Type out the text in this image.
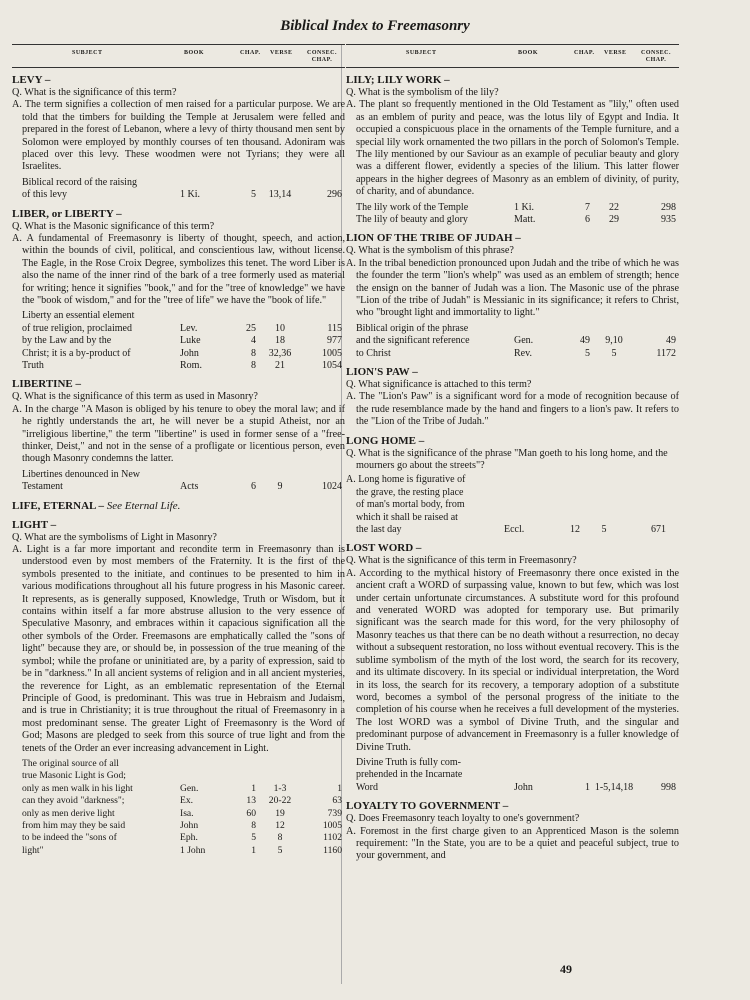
Biblical Index to Freemasonry
SUBJECT	BOOK	CHAP. VERSE	CONSEC. CHAP.
LEVY –
Q. What is the significance of this term?
A. The term signifies a collection of men raised for a particular purpose. We are told that the timbers for building the Temple at Jerusalem were felled and prepared in the forest of Lebanon, where a levy of thirty thousand men sent by Solomon were employed by monthly courses of ten thousand. Adoniram was placed over this levy. These woodmen were not Tyrians; they were all Israelites.
Biblical record of the raising
of this levy	1 Ki.	5	13,14	296
LIBER, or LIBERTY –
Q. What is the Masonic significance of this term?
A. A fundamental of Freemasonry is liberty of thought, speech, and action, within the bounds of civil, political, and conscientious law, without license. The Eagle, in the Rose Croix Degree, symbolizes this tenet. The word Liber is also the name of the inner rind of the bark of a tree formerly used as material for writing; hence it signifies "book," and for the "tree of knowledge" we have the "book of wisdom," and for the "tree of life" we have the "book of life."
Liberty an essential element
of true religion, proclaimed	Lev.	25	10	115
by the Law and by the	Luke	4	18	977
Christ; it is a by-product of	John	8	32,36	1005
Truth	Rom.	8	21	1054
LIBERTINE –
Q. What is the significance of this term as used in Masonry?
A. In the charge "A Mason is obliged by his tenure to obey the moral law; and if he rightly understands the art, he will never be a stupid Atheist, nor an "irreligious libertine," the term "libertine" is used in former sense of a "free-thinker, Deist," and not in the sense of a profligate or licentious person, even though Masonry condemns the latter.
Libertines denounced in New
Testament	Acts	6	9	1024
LIFE, ETERNAL – See Eternal Life.
LIGHT –
Q. What are the symbolisms of Light in Masonry?
A. Light is a far more important and recondite term in Freemasonry than is understood even by most members of the Fraternity. It is the first of the symbols presented to the initiate, and continues to be presented to him in various modifications throughout all his future progress in his Masonic career. It represents, as is generally supposed, Knowledge, Truth or Wisdom, but it contains within itself a far more abstruse allusion to the very essence of Speculative Masonry, and embraces within it capacious signification all the other symbols of the Order. Freemasons are emphatically called the "sons of light" because they are, or should be, in possession of the true meaning of the symbol; while the profane or uninitiated are, by a parity of expression, said to be in "darkness." In all ancient systems of religion and in all ancient mysteries, the reverence for Light, as an emblematic representation of the Eternal Principle of Good, is predominant. This was true in Hebraism and Judaism, and is true in Christianity; it is true throughout the ritual of Freemasonry in a most predominant sense. The greater Light of Freemasonry is the Word of God; Masons are pledged to seek from this source of true light and from the tenets of the Order an ever increasing advancement in Light.
The original source of all
true Masonic Light is God;
only as men walk in his light	Gen.	1	1-3	1
can they avoid "darkness";	Ex.	13	20-22	63
only as men derive light	Isa.	60	19	739
from him may they be said	John	8	12	1005
to be indeed the "sons of	Eph.	5	8	1102
light"	1 John	1	5	1160
SUBJECT	BOOK	CHAP. VERSE	CONSEC. CHAP.
LILY; LILY WORK –
Q. What is the symbolism of the lily?
A. The plant so frequently mentioned in the Old Testament as "lily," often used as an emblem of purity and peace, was the lotus lily of Egypt and India. It occupied a conspicuous place in the ornaments of the Temple furniture, and a special lily work ornamented the two pillars in the porch of Solomon's Temple. The lily mentioned by our Saviour as an example of peculiar beauty and glory was a different flower, evidently a species of the lilium. This latter flower appears in the higher degrees of Masonry as an emblem of divinity, of purity, of charity, and of abundance.
The lily work of the Temple	1 Ki.	7	22	298
The lily of beauty and glory	Matt.	6	29	935
LION OF THE TRIBE OF JUDAH –
Q. What is the symbolism of this phrase?
A. In the tribal benediction pronounced upon Judah and the tribe of which he was the founder the term "lion's whelp" was used as an emblem of strength; hence the ensign on the banner of Judah was a lion. The Masonic use of the phrase "Lion of the tribe of Judah" is Messianic in its significance; it refers to Christ, who "brought light and immortality to light."
Biblical origin of the phrase
and the significant reference	Gen.	49	9,10	49
to Christ	Rev.	5	5	1172
LION'S PAW –
Q. What significance is attached to this term?
A. The "Lion's Paw" is a significant word for a mode of recognition because of the rude resemblance made by the hand and fingers to a lion's paw. It refers to the "Lion of the Tribe of Judah."
LONG HOME –
Q. What is the significance of the phrase "Man goeth to his long home, and the mourners go about the streets"?
A. Long home is figurative of
the grave, the resting place
of man's mortal body, from
which it shall be raised at
the last day	Eccl.	12	5	671
LOST WORD –
Q. What is the significance of this term in Freemasonry?
A. According to the mythical history of Freemasonry there once existed in the ancient craft a WORD of surpassing value, known to but few, which was lost under certain unfortunate circumstances. A substitute word for this profound and venerated WORD was adopted for temporary use. But primarily significant was the search made for this word, for the very philosophy of Masonry teaches us that there can be no death without a resurrection, no decay without a subsequent restoration, no loss without eventual recovery. This is the sublime symbolism of the myth of the lost word, the search for its recovery, and its ultimate discovery. In its special or individual interpretation, the Word in its loss, the search for its recovery, a temporary adoption of a substitute word, becomes a symbol of the personal progress of the initiate to the completion of his course when he receives a full development of the mysteries. The lost WORD was a symbol of Divine Truth, and the singular and predominant purpose of advancement in Freemasonry is a fuller knowledge of Divine Truth.
Divine Truth is fully com-
prehended in the Incarnate
Word	John	1 1-5,14,18	998
LOYALTY TO GOVERNMENT –
Q. Does Freemasonry teach loyalty to one's government?
A. Foremost in the first charge given to an Apprenticed Mason is the solemn requirement: "In the State, you are to be a quiet and peaceful subject, true to your government, and
49
